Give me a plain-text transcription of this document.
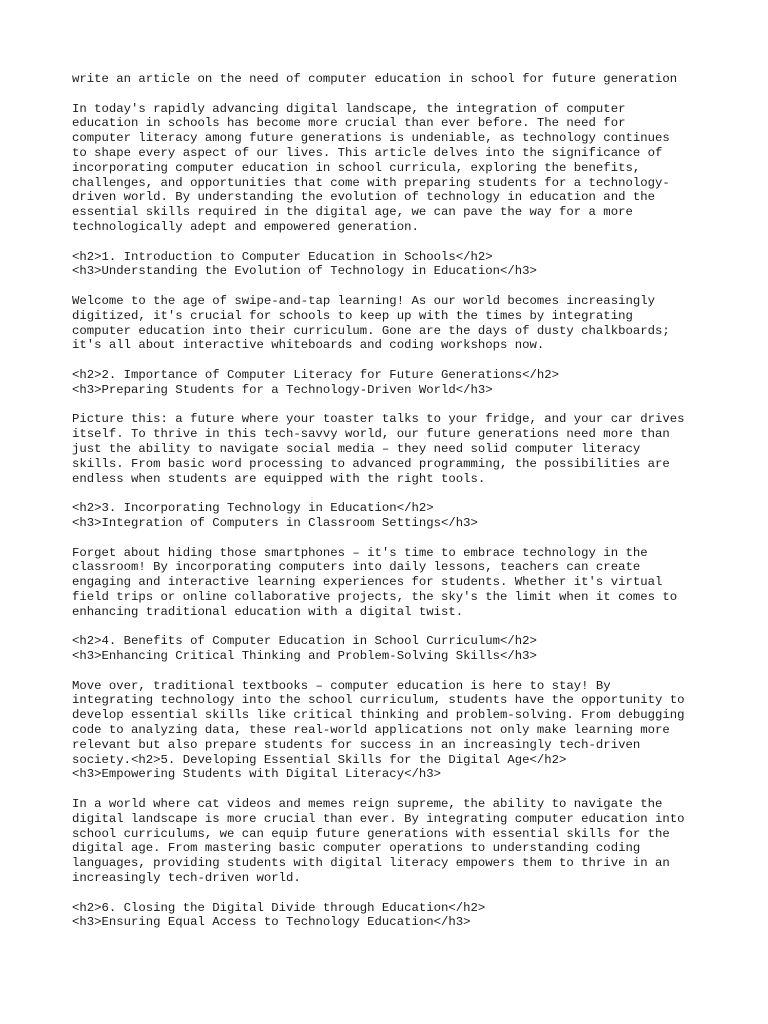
write an article on the need of computer education in school for future generation
In today's rapidly advancing digital landscape, the integration of computer
education in schools has become more crucial than ever before. The need for
computer literacy among future generations is undeniable, as technology continues
to shape every aspect of our lives. This article delves into the significance of
incorporating computer education in school curricula, exploring the benefits,
challenges, and opportunities that come with preparing students for a technology-
driven world. By understanding the evolution of technology in education and the
essential skills required in the digital age, we can pave the way for a more
technologically adept and empowered generation.
<h2>1. Introduction to Computer Education in Schools</h2>
<h3>Understanding the Evolution of Technology in Education</h3>
Welcome to the age of swipe-and-tap learning! As our world becomes increasingly
digitized, it's crucial for schools to keep up with the times by integrating
computer education into their curriculum. Gone are the days of dusty chalkboards;
it's all about interactive whiteboards and coding workshops now.
<h2>2. Importance of Computer Literacy for Future Generations</h2>
<h3>Preparing Students for a Technology-Driven World</h3>
Picture this: a future where your toaster talks to your fridge, and your car drives
itself. To thrive in this tech-savvy world, our future generations need more than
just the ability to navigate social media – they need solid computer literacy
skills. From basic word processing to advanced programming, the possibilities are
endless when students are equipped with the right tools.
<h2>3. Incorporating Technology in Education</h2>
<h3>Integration of Computers in Classroom Settings</h3>
Forget about hiding those smartphones – it's time to embrace technology in the
classroom! By incorporating computers into daily lessons, teachers can create
engaging and interactive learning experiences for students. Whether it's virtual
field trips or online collaborative projects, the sky's the limit when it comes to
enhancing traditional education with a digital twist.
<h2>4. Benefits of Computer Education in School Curriculum</h2>
<h3>Enhancing Critical Thinking and Problem-Solving Skills</h3>
Move over, traditional textbooks – computer education is here to stay! By
integrating technology into the school curriculum, students have the opportunity to
develop essential skills like critical thinking and problem-solving. From debugging
code to analyzing data, these real-world applications not only make learning more
relevant but also prepare students for success in an increasingly tech-driven
society.<h2>5. Developing Essential Skills for the Digital Age</h2>
<h3>Empowering Students with Digital Literacy</h3>
In a world where cat videos and memes reign supreme, the ability to navigate the
digital landscape is more crucial than ever. By integrating computer education into
school curriculums, we can equip future generations with essential skills for the
digital age. From mastering basic computer operations to understanding coding
languages, providing students with digital literacy empowers them to thrive in an
increasingly tech-driven world.
<h2>6. Closing the Digital Divide through Education</h2>
<h3>Ensuring Equal Access to Technology Education</h3>
